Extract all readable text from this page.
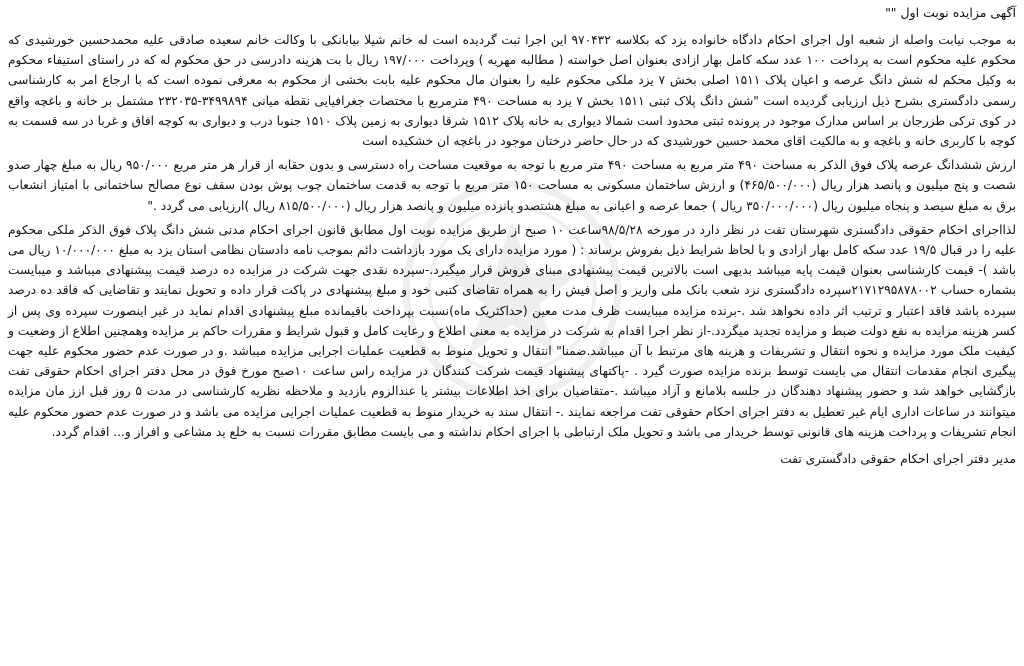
آگهی مزایده نوبت اول ""

به موجب نیابت واصله از شعبه اول اجرای احکام دادگاه خانواده یزد که بکلاسه ۹۷۰۴۳۲ این اجرا ثبت گردیده است له خانم شیلا بیابانکی با وکالت خانم سعیده صادقی علیه محمدحسین خورشیدی که محکوم علیه محکوم است به پرداخت ۱۰۰ عدد سکه کامل بهار ازادی بعنوان اصل خواسته ( مطالبه مهریه ) وپرداخت ۱۹۷/۰۰۰ ریال با بت هزینه دادرسی در حق محکوم له که در راستای استیفاء محکوم به وکیل محکم له شش دانگ عرصه و اعیان پلاک ۱۵۱۱ اصلی بخش ۷ یزد ملکی محکوم علیه را بعنوان مال محکوم علیه بابت بخشی از محکوم به معرفی نموده است که با ارجاع امر به کارشناسی رسمی دادگستری بشرح ذیل ارزیابی گردیده است "شش دانگ پلاک ثبتی ۱۵۱۱ بخش ۷ یزد به مساحت ۴۹۰ مترمربع با مختصات جغرافیایی نقطه میانی ۳۴۹۹۸۹۴-۲۳۲۰۳۵ مشتمل بر خانه و باغچه واقع در کوی ترکی طزرجان بر اساس مدارک موجود در پرونده ثبتی محدود است شمالا دیواری به خانه پلاک ۱۵۱۲ شرقا دیواری به زمین پلاک ۱۵۱۰ جنوبا درب و دیواری به کوچه افاق و غربا در سه قسمت به کوچه با کاربری خانه و باغچه و به مالکیت اقای محمد حسین خورشیدی که در حال حاضر درختان موجود در باغچه ان خشکیده است

ارزش ششدانگ عرصه پلاک فوق الذکر به مساحت ۴۹۰ متر مربع به مساحت ۴۹۰ متر مربع با توجه به موقعیت مساحت راه دسترسی و بدون حقابه از قرار هر متر مربع ۹۵۰/۰۰۰ ریال به مبلغ چهار صدو شصت و پنج میلیون و پانصد هزار ریال (۴۶۵/۵۰۰/۰۰۰) و ارزش ساختمان مسکونی به مساحت ۱۵۰ متر مربع با توجه به قدمت ساختمان چوب پوش بودن سقف نوع مصالح ساختمانی با امتیاز انشعاب برق به مبلغ سیصد و پنجاه میلیون ریال (۳۵۰/۰۰۰/۰۰۰ ریال ) جمعا عرصه و اعیانی به مبلغ هشتصدو پانزده میلیون و پانصد هزار ریال (۸۱۵/۵۰۰/۰۰۰ ریال )ارزیابی می گردد ."

لذااجرای احکام حقوقی دادگستری شهرستان تفت در نظر دارد در مورخه ۹۸/۵/۲۸ساعت ۱۰ صبح از طریق مزایده نوبت اول مطابق قانون اجرای احکام مدنی شش دانگ پلاک فوق الذکر ملکی محکوم علیه را در قبال ۱۹/۵ عدد سکه کامل بهار ازادی و با لحاظ شرایط ذیل بفروش برساند : ( مورد مزایده دارای یک مورد بازداشت دائم بموجب نامه دادستان نظامی استان یزد به مبلغ ۱۰/۰۰۰/۰۰۰ ریال می باشد )- قیمت کارشناسی بعنوان قیمت پایه میباشد بدیهی است بالاترین قیمت پیشنهادی مبنای فروش قرار میگیرد.-سپرده نقدی جهت شرکت در مزایده ده درصد قیمت پیشنهادی میباشد و میبایست بشماره حساب ۲۱۷۱۲۹۵۸۷۸۰۰۲سپرده دادگستری نزد شعب بانک ملی واریز و اصل فیش را به همراه تقاضای کتبی خود و مبلغ پیشنهادی در پاکت قرار داده و تحویل نمایند و تقاضایی که فاقد ده درصد سپرده باشد فاقد اعتبار و ترتیب اثر داده نخواهد شد .-برنده مزایده میبایست ظرف مدت معین (حداکثریک ماه)نسبت بپرداخت باقیمانده مبلغ پیشنهادی اقدام نماید در غیر اینصورت سپرده وی پس از کسر هزینه مزایده به نفع دولت ضبط و مزایده تجدید میگردد.-از نظر اجرا اقدام به شرکت در مزایده به معنی اطلاع و رعایت کامل و قبول شرایط و مقررات حاکم بر مزایده وهمچنین اطلاع از وضعیت و کیفیت ملک مورد مزایده و نحوه انتقال و تشریفات و هزینه های مرتبط با آن میباشد.ضمنا" انتقال و تحویل منوط به قطعیت عملیات اجرایی مزایده میباشد .و در صورت عدم حضور محکوم علیه جهت پیگیری انجام مقدمات انتقال می بایست توسط برنده مزایده صورت گیرد . -پاکتهای پیشنهاد قیمت شرکت کنندگان در مزایده راس ساعت ۱۰صبح مورخ فوق در محل دفتر اجرای احکام حقوقی تفت بازگشایی خواهد شد و حضور پیشنهاد دهندگان در جلسه بلامانع و آزاد میباشد .-متقاضیان برای اخذ اطلاعات بیشتر یا عندالزوم بازدید و ملاحظه نظریه کارشناسی در مدت ۵ روز قبل ازز مان مزایده میتوانند در ساعات اداری ایام غیر تعطیل به دفتر اجرای احکام حقوقی تفت مراجعه نمایند .- انتقال سند به خریدار منوط به قطعیت عملیات اجرایی مزایده می باشد و در صورت عدم حضور محکوم علیه انجام تشریفات و پرداخت هزینه های قانونی توسط خریدار می باشد و تحویل ملک ارتباطی با اجرای احکام نداشته و می بایست مطابق مقررات نسبت به خلع ید مشاعی و افراز و... اقدام گردد.

مدیر دفتر اجرای احکام حقوقی دادگستری تفت
